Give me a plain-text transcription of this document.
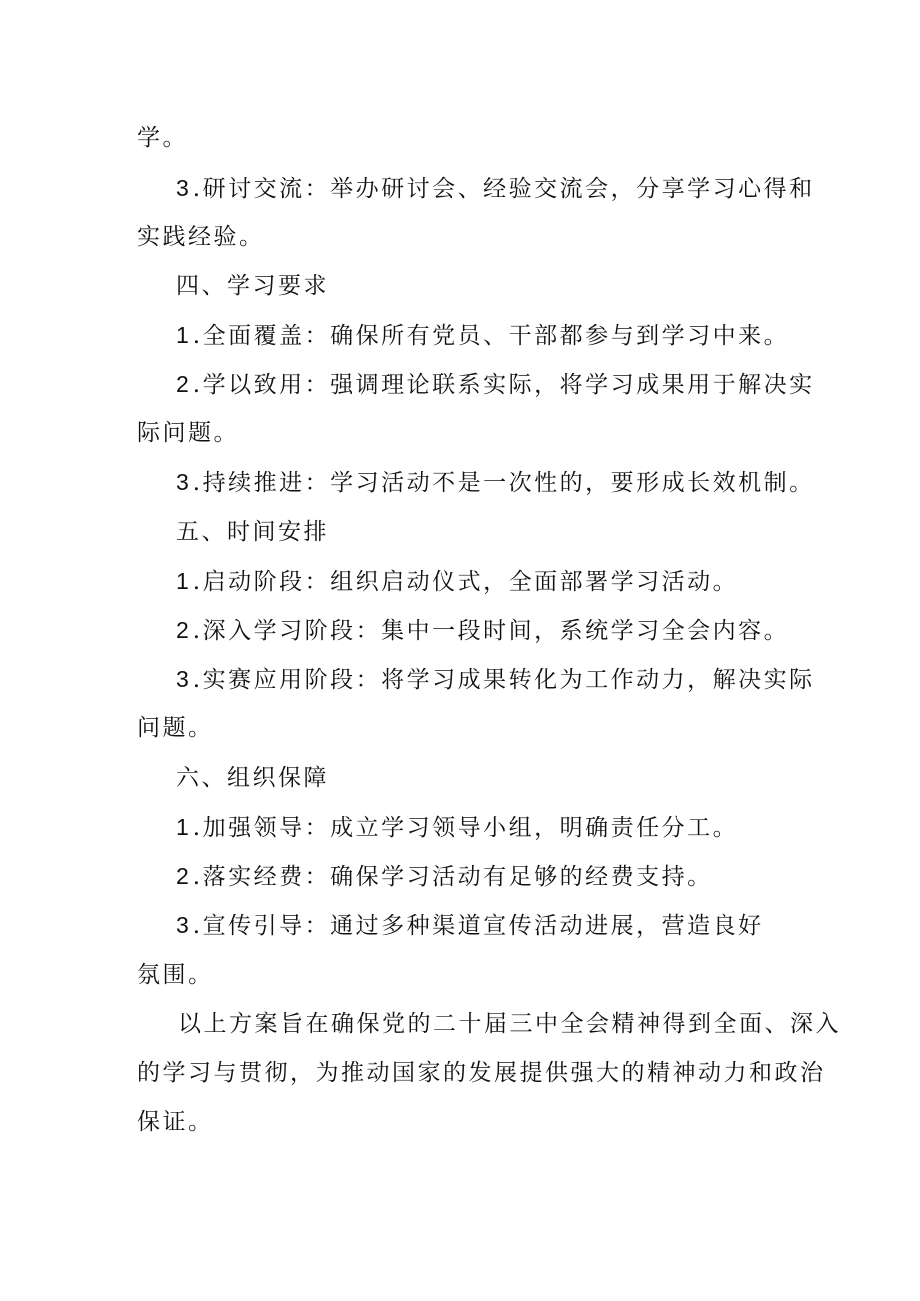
学。
3 .研讨交流：举办研讨会、经验交流会，分享学习心得和
实践经验。
四、学习要求
1 .全面覆盖：确保所有党员、干部都参与到学习中来。
2 .学以致用：强调理论联系实际，将学习成果用于解决实
际问题。
3 .持续推进：学习活动不是一次性的，要形成长效机制。
五、时间安排
1 .启动阶段：组织启动仪式，全面部署学习活动。
2 .深入学习阶段：集中一段时间，系统学习全会内容。
3 .实赛应用阶段：将学习成果转化为工作动力，解决实际
问题。
六、组织保障
1 .加强领导：成立学习领导小组，明确责任分工。
2 .落实经费：确保学习活动有足够的经费支持。
3 .宣传引导：通过多种渠道宣传活动进展，营造良好
氛围。
以上方案旨在确保党的二十届三中全会精神得到全面、深入
的学习与贯彻，为推动国家的发展提供强大的精神动力和政治
保证。
